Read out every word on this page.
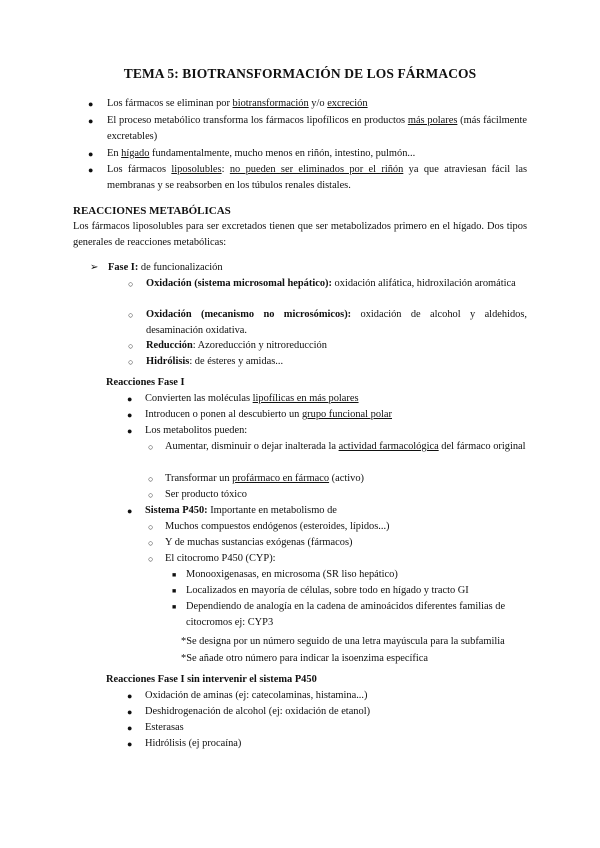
TEMA 5: BIOTRANSFORMACIÓN DE LOS FÁRMACOS
● Los fármacos se eliminan por biotransformación y/o excreción
● El proceso metabólico transforma los fármacos lipofílicos en productos más polares (más fácilmente excretables)
● En hígado fundamentalmente, mucho menos en riñón, intestino, pulmón...
● Los fármacos liposolubles: no pueden ser eliminados por el riñón ya que atraviesan fácil las membranas y se reabsorben en los túbulos renales distales.
REACCIONES METABÓLICAS
Los fármacos liposolubles para ser excretados tienen que ser metabolizados primero en el hígado. Dos tipos generales de reacciones metabólicas:
➢ Fase I: de funcionalización
○ Oxidación (sistema microsomal hepático): oxidación alifática, hidroxilación aromática
○ Oxidación (mecanismo no microsómicos): oxidación de alcohol y aldehidos, desaminación oxidativa.
○ Reducción: Azoreducción y nitroreducción
○ Hidrólisis: de ésteres y amidas...
Reacciones Fase I
● Convierten las moléculas lipofílicas en más polares
● Introducen o ponen al descubierto un grupo funcional polar
● Los metabolitos pueden:
○ Aumentar, disminuir o dejar inalterada la actividad farmacológica del fármaco original
○ Transformar un profármaco en fármaco (activo)
○ Ser producto tóxico
● Sistema P450: Importante en metabolismo de
○ Muchos compuestos endógenos (esteroides, lípidos...)
○ Y de muchas sustancias exógenas (fármacos)
○ El citocromo P450 (CYP):
■ Monooxigenasas, en microsoma (SR liso hepático)
■ Localizados en mayoría de células, sobre todo en hígado y tracto GI
■ Dependiendo de analogía en la cadena de aminoácidos diferentes familias de citocromos ej: CYP3
*Se designa por un número seguido de una letra mayúscula para la subfamilia
*Se añade otro número para indicar la isoenzima específica
Reacciones Fase I sin intervenir el sistema P450
● Oxidación de aminas (ej: catecolaminas, histamina...)
● Deshidrogenación de alcohol (ej: oxidación de etanol)
● Esterasas
● Hidrólisis (ej procaína)
